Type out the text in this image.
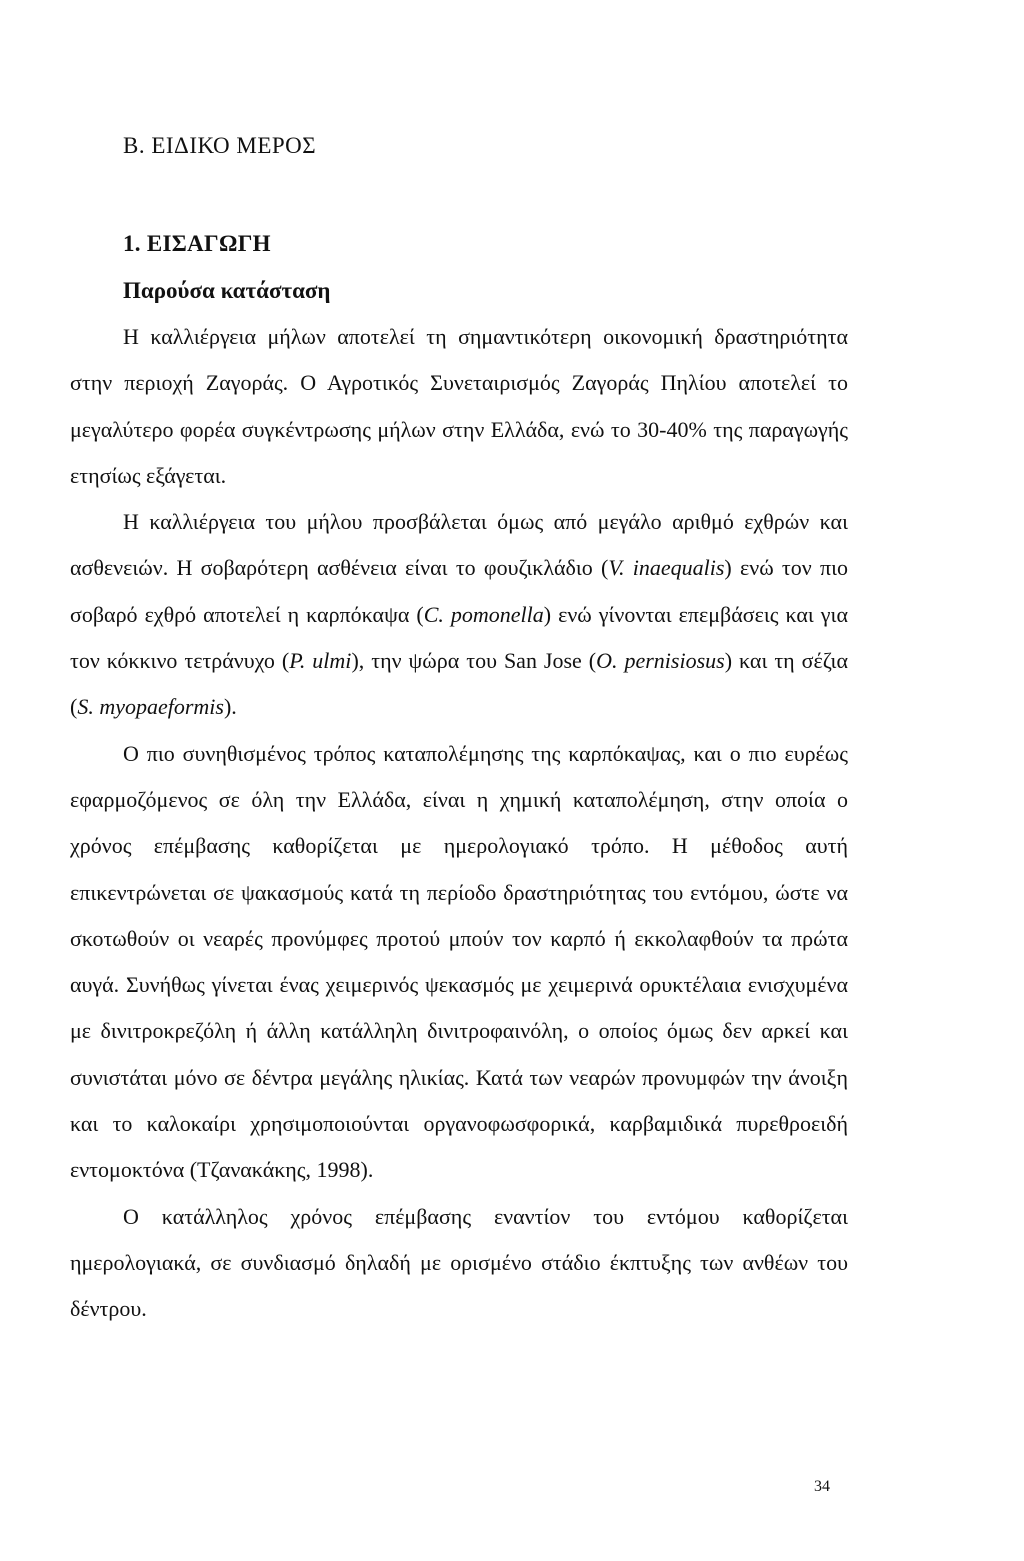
Β. ΕΙΔΙΚΟ ΜΕΡΟΣ
1. ΕΙΣΑΓΩΓΗ
Παρούσα κατάσταση

Η καλλιέργεια μήλων αποτελεί τη σημαντικότερη οικονομική δραστηριότητα στην περιοχή Ζαγοράς. Ο Αγροτικός Συνεταιρισμός Ζαγοράς Πηλίου αποτελεί το μεγαλύτερο φορέα συγκέντρωσης μήλων στην Ελλάδα, ενώ το 30-40% της παραγωγής ετησίως εξάγεται.

Η καλλιέργεια του μήλου προσβάλεται όμως από μεγάλο αριθμό εχθρών και ασθενειών. Η σοβαρότερη ασθένεια είναι το φουζικλάδιο (V. inaequalis) ενώ τον πιο σοβαρό εχθρό αποτελεί η καρπόκαψα (C. pomonella) ενώ γίνονται επεμβάσεις και για τον κόκκινο τετράνυχο (P. ulmi), την ψώρα του San Jose (O. pernisiosus) και τη σέζια (S. myopaeformis).

Ο πιο συνηθισμένος τρόπος καταπολέμησης της καρπόκαψας, και ο πιο ευρέως εφαρμοζόμενος σε όλη την Ελλάδα, είναι η χημική καταπολέμηση, στην οποία ο χρόνος επέμβασης καθορίζεται με ημερολογιακό τρόπο. Η μέθοδος αυτή επικεντρώνεται σε ψακασμούς κατά τη περίοδο δραστηριότητας του εντόμου, ώστε να σκοτωθούν οι νεαρές προνύμφες προτού μπούν τον καρπό ή εκκολαφθούν τα πρώτα αυγά. Συνήθως γίνεται ένας χειμερινός ψεκασμός με χειμερινά ορυκτέλαια ενισχυμένα με δινιτροκρεζόλη ή άλλη κατάλληλη δινιτροφαινόλη, ο οποίος όμως δεν αρκεί και συνιστάται μόνο σε δέντρα μεγάλης ηλικίας. Κατά των νεαρών προνυμφών την άνοιξη και το καλοκαίρι χρησιμοποιούνται οργανοφωσφορικά, καρβαμιδικά πυρεθροειδή εντομοκτόνα (Τζανακάκης, 1998).

Ο κατάλληλος χρόνος επέμβασης εναντίον του εντόμου καθορίζεται ημερολογιακά, σε συνδιασμό δηλαδή με ορισμένο στάδιο έκπτυξης των ανθέων του δέντρου.

34
